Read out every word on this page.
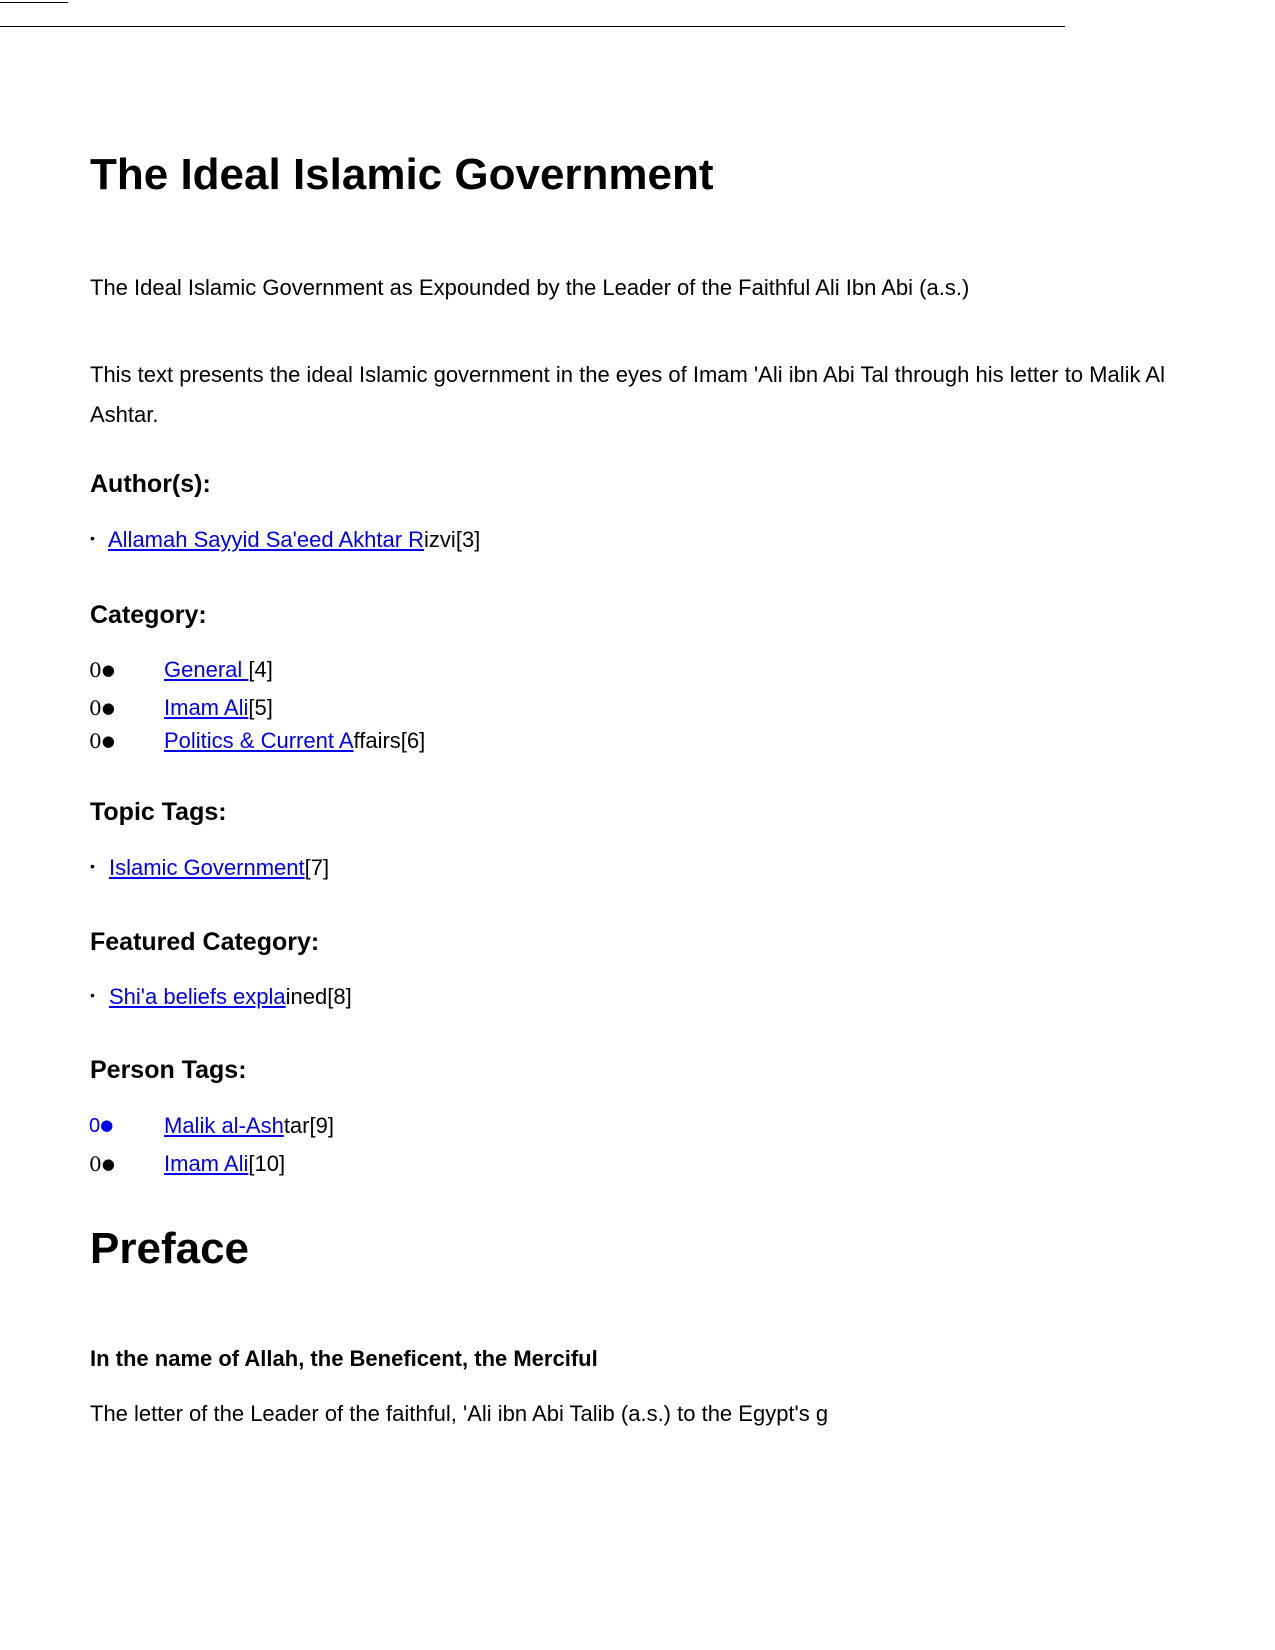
The Ideal Islamic Government
The Ideal Islamic Government as Expounded by the Leader of the Faithful Ali Ibn Abi (a.s.)
This text presents the ideal Islamic government in the eyes of Imam 'Ali ibn Abi Tal through his letter to Malik Al Ashtar.
Author(s):
• Allamah Sayyid Sa'eed Akhtar Rizvi[3]
Category:
0● General [4]
0● Imam Ali[5]
0● Politics & Current Affairs[6]
Topic Tags:
• Islamic Government[7]
Featured Category:
• Shi'a beliefs explained[8]
Person Tags:
0● Malik al-Ashtar[9]
0● Imam Ali[10]
Preface
In the name of Allah, the Beneficent, the Merciful
The letter of the Leader of the faithful, 'Ali ibn Abi Talib (a.s.) to the Egypt's g
